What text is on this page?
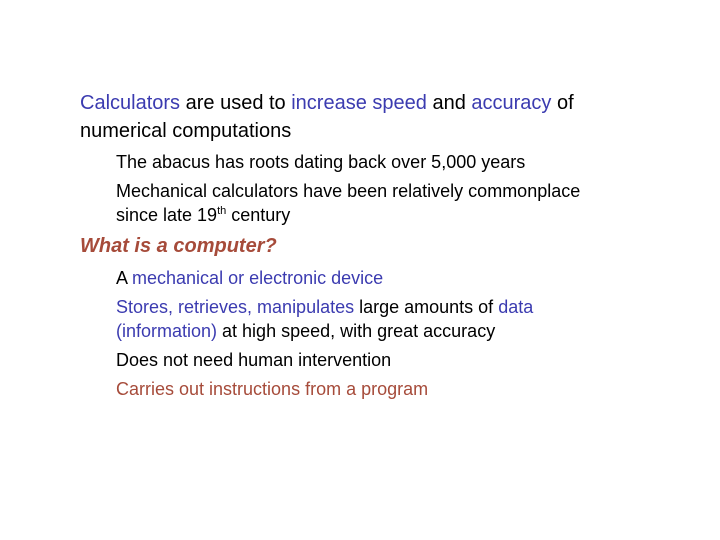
Calculators are used to increase speed and accuracy of
numerical computations
The abacus has roots dating back over 5,000 years
Mechanical calculators have been relatively commonplace
since late 19th century
What is a computer?
A mechanical or electronic device
Stores, retrieves, manipulates large amounts of data
(information) at high speed, with great accuracy
Does not need human intervention
Carries out instructions from a program
